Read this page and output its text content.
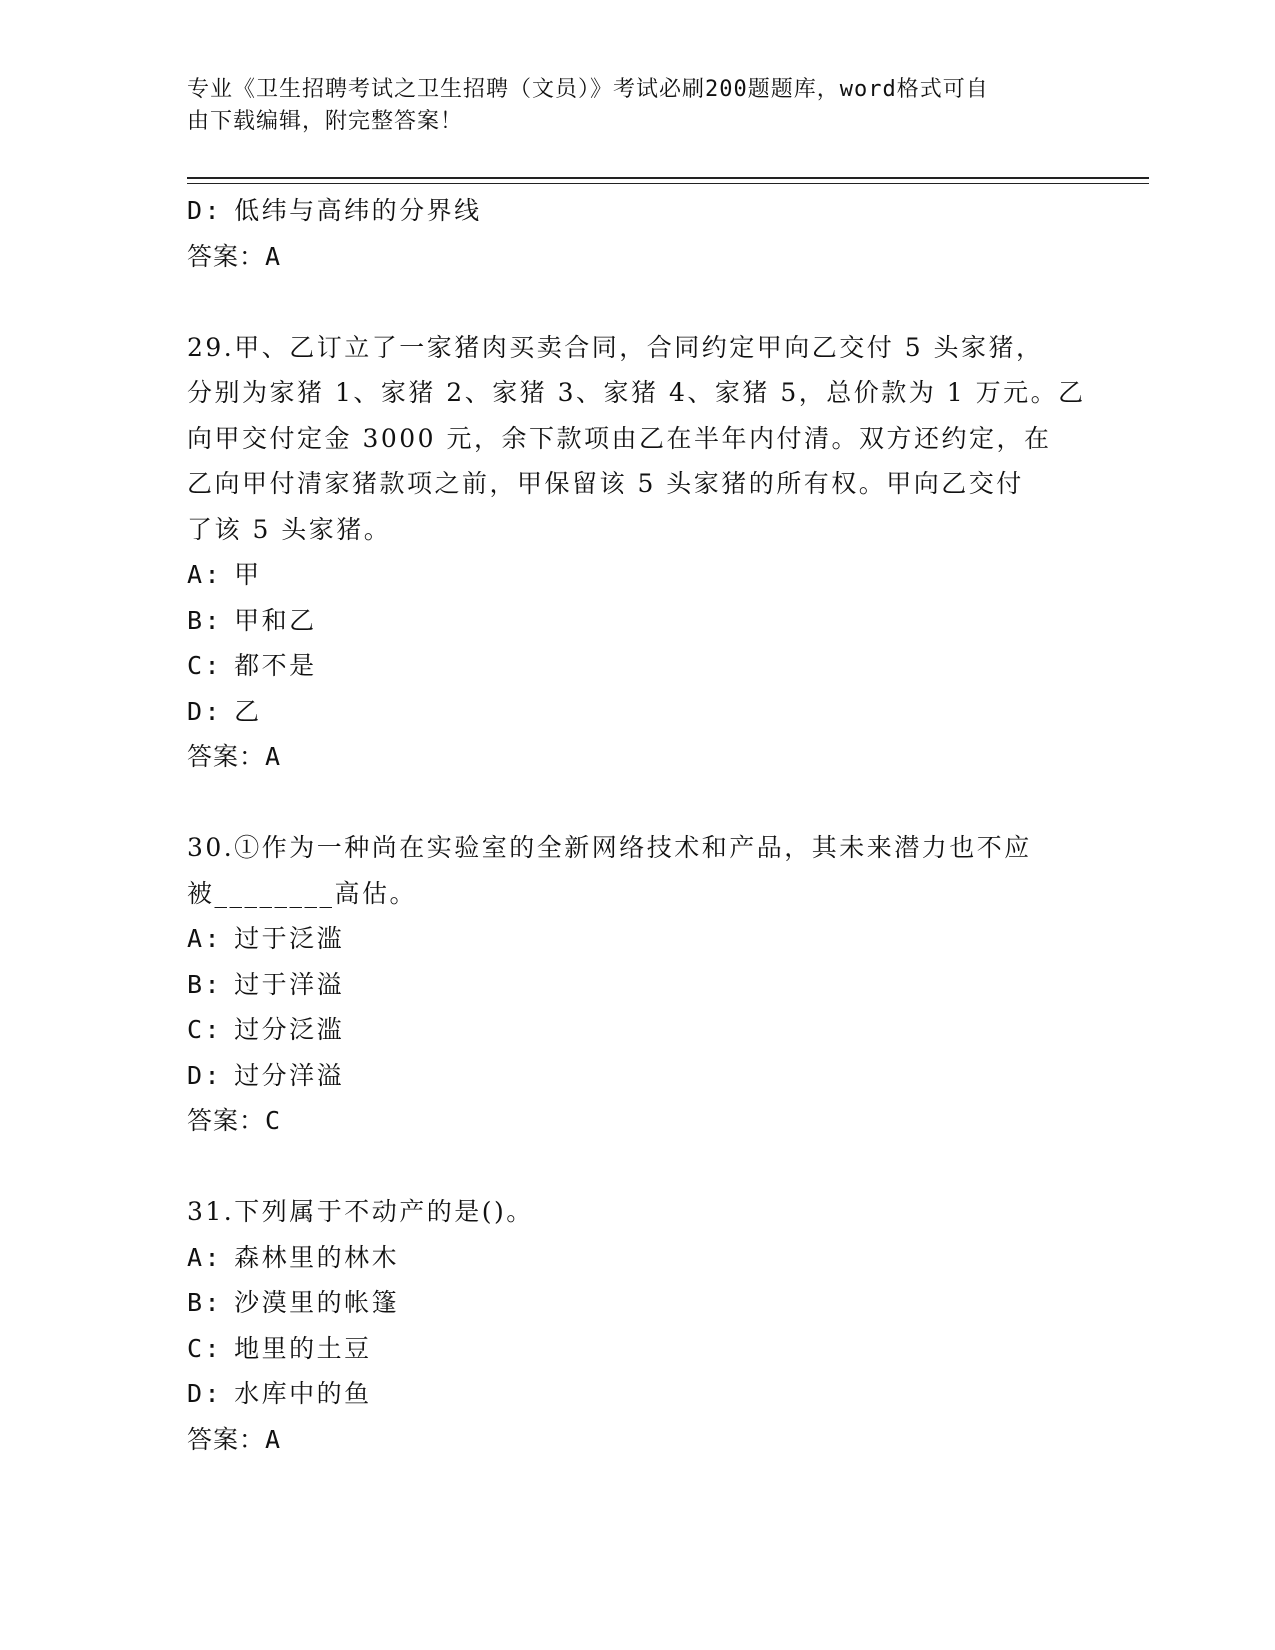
专业《卫生招聘考试之卫生招聘（文员）》考试必刷200题题库，word格式可自
由下载编辑，附完整答案！
D: 低纬与高纬的分界线
答案：A
29.甲、乙订立了一家猪肉买卖合同，合同约定甲向乙交付 5 头家猪，
分别为家猪 1、家猪 2、家猪 3、家猪 4、家猪 5，总价款为 1 万元。乙
向甲交付定金 3000 元，余下款项由乙在半年内付清。双方还约定，在
乙向甲付清家猪款项之前，甲保留该 5 头家猪的所有权。甲向乙交付
了该 5 头家猪。
A: 甲
B: 甲和乙
C: 都不是
D: 乙
答案：A
30.①作为一种尚在实验室的全新网络技术和产品，其未来潜力也不应
被________高估。
A: 过于泛滥
B: 过于洋溢
C: 过分泛滥
D: 过分洋溢
答案：C
31.下列属于不动产的是()。
A: 森林里的林木
B: 沙漠里的帐篷
C: 地里的土豆
D: 水库中的鱼
答案：A
